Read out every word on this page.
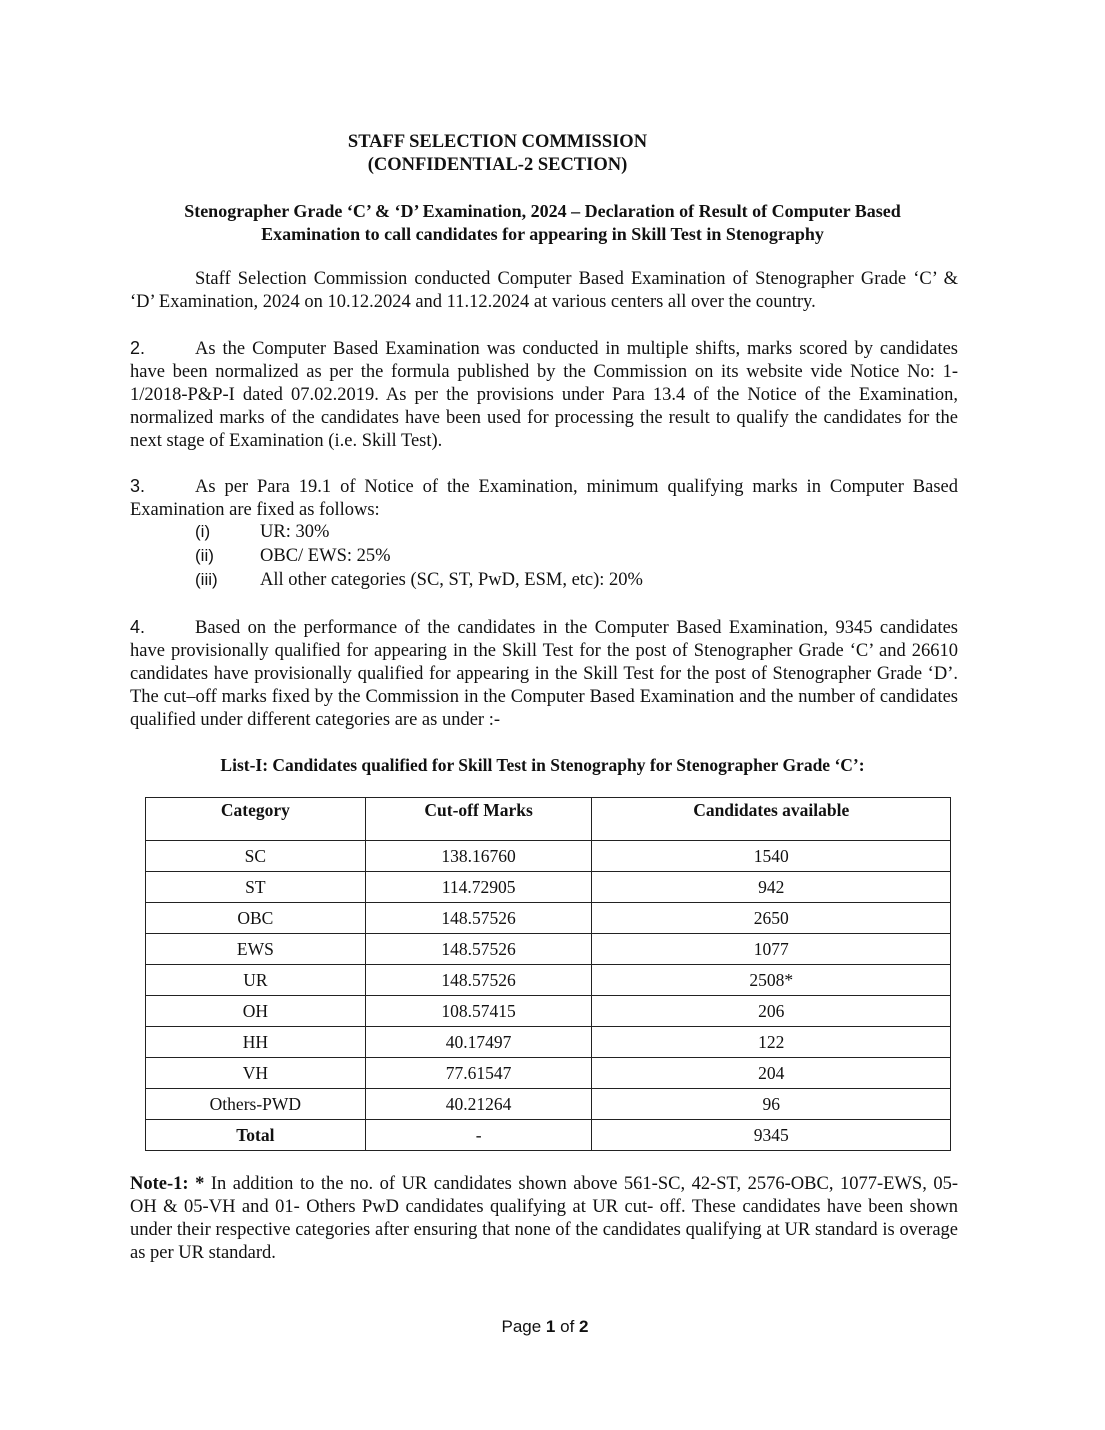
STAFF SELECTION COMMISSION
(CONFIDENTIAL-2 SECTION)
Stenographer Grade ‘C’ & ‘D’ Examination, 2024 – Declaration of Result of Computer Based
Examination to call candidates for appearing in Skill Test in Stenography
Staff Selection Commission conducted Computer Based Examination of Stenographer Grade ‘C’ & ‘D’ Examination, 2024 on 10.12.2024 and 11.12.2024 at various centers all over the country.
2.	As the Computer Based Examination was conducted in multiple shifts, marks scored by candidates have been normalized as per the formula published by the Commission on its website vide Notice No: 1-1/2018-P&P-I dated 07.02.2019. As per the provisions under Para 13.4 of the Notice of the Examination, normalized marks of the candidates have been used for processing the result to qualify the candidates for the next stage of Examination (i.e. Skill Test).
3.	As per Para 19.1 of Notice of the Examination, minimum qualifying marks in Computer Based Examination are fixed as follows:
(i)	UR: 30%
(ii)	OBC/ EWS: 25%
(iii)	All other categories (SC, ST, PwD, ESM, etc): 20%
4.	Based on the performance of the candidates in the Computer Based Examination, 9345 candidates have provisionally qualified for appearing in the Skill Test for the post of Stenographer Grade ‘C’ and 26610 candidates have provisionally qualified for appearing in the Skill Test for the post of Stenographer Grade ‘D’. The cut–off marks fixed by the Commission in the Computer Based Examination and the number of candidates qualified under different categories are as under :-
List-I: Candidates qualified for Skill Test in Stenography for Stenographer Grade ‘C’:
Category	Cut-off Marks	Candidates available
SC	138.16760	1540
ST	114.72905	942
OBC	148.57526	2650
EWS	148.57526	1077
UR	148.57526	2508*
OH	108.57415	206
HH	40.17497	122
VH	77.61547	204
Others-PWD	40.21264	96
Total	-	9345
Note-1: * In addition to the no. of UR candidates shown above 561-SC, 42-ST, 2576-OBC, 1077-EWS, 05- OH & 05-VH and 01- Others PwD candidates qualifying at UR cut- off. These candidates have been shown under their respective categories after ensuring that none of the candidates qualifying at UR standard is overage as per UR standard.
Page 1 of 2
